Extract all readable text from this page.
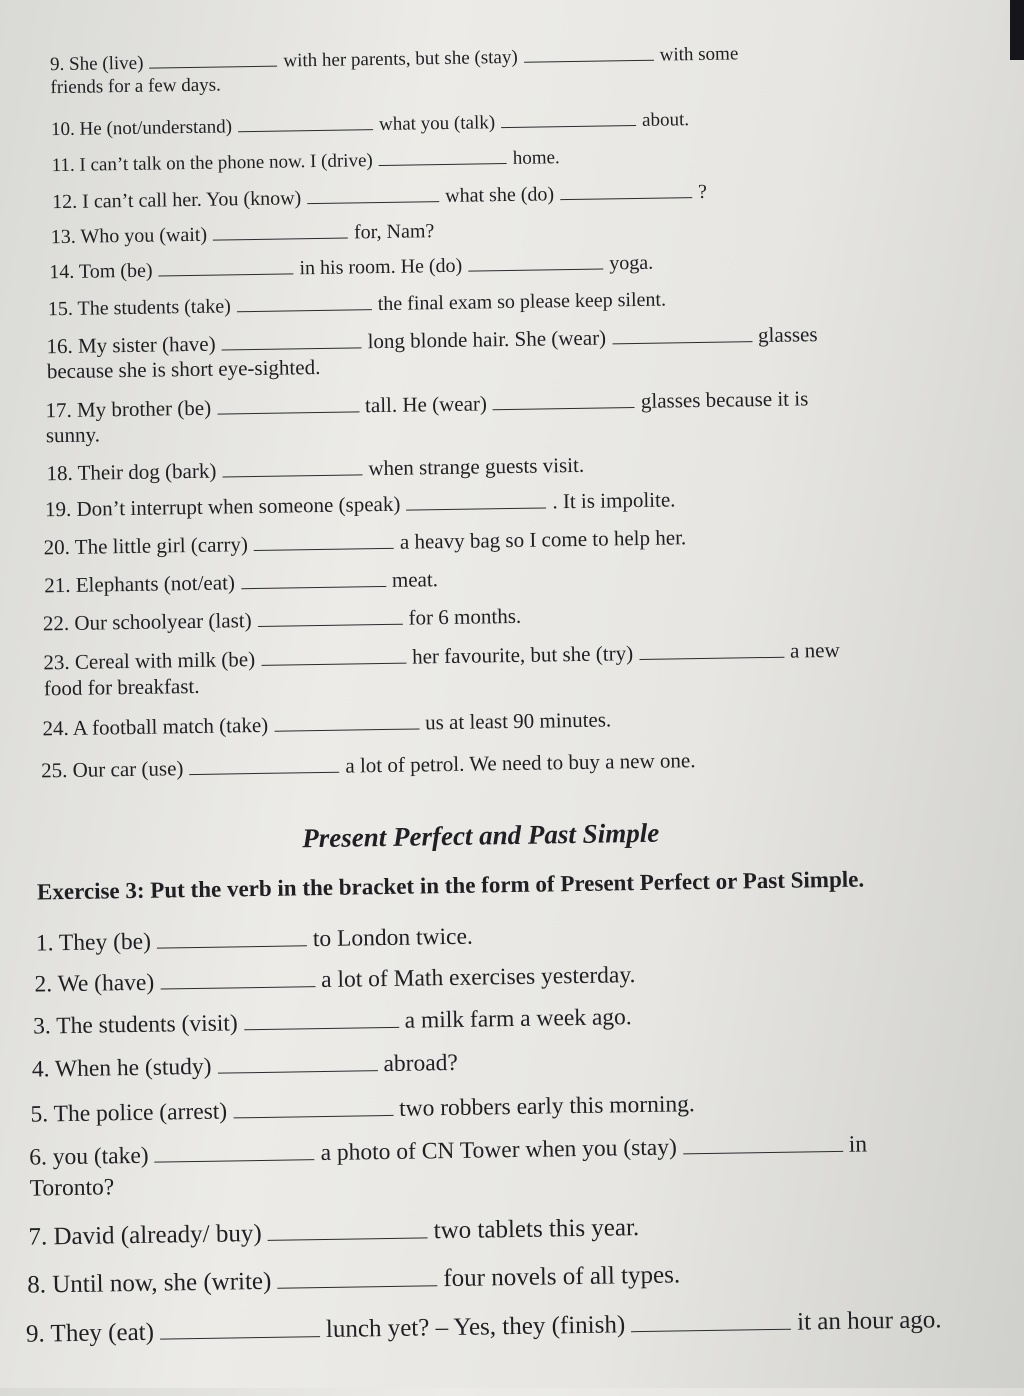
9. She (live)	with her parents, but she (stay)	with some
friends for a few days.
10. He (not/understand)	what you (talk)	about.
11. I can’t talk on the phone now. I (drive)	home.
12. I can’t call her. You (know)	what she (do)	?
13. Who you (wait)	for, Nam?
14. Tom (be)	in his room. He (do)	yoga.
15. The students (take)	the final exam so please keep silent.
16. My sister (have)	long blonde hair. She (wear)	glasses
because she is short eye-sighted.
17. My brother (be)	tall. He (wear)	glasses because it is
sunny.
18. Their dog (bark)	when strange guests visit.
19. Don’t interrupt when someone (speak)	. It is impolite.
20. The little girl (carry)	a heavy bag so I come to help her.
21. Elephants (not/eat)	meat.
22. Our schoolyear (last)	for 6 months.
23. Cereal with milk (be)	her favourite, but she (try)	a new
food for breakfast.
24. A football match (take)	us at least 90 minutes.
25. Our car (use)	a lot of petrol. We need to buy a new one.
Present Perfect and Past Simple
Exercise 3: Put the verb in the bracket in the form of Present Perfect or Past Simple.
1. They (be)	to London twice.
2. We (have)	a lot of Math exercises yesterday.
3. The students (visit)	a milk farm a week ago.
4. When he (study)	abroad?
5. The police (arrest)	two robbers early this morning.
6. you (take)	a photo of CN Tower when you (stay)	in
Toronto?
7. David (already/ buy)	two tablets this year.
8. Until now, she (write)	four novels of all types.
9. They (eat)	lunch yet? – Yes, they (finish)	it an hour ago.
